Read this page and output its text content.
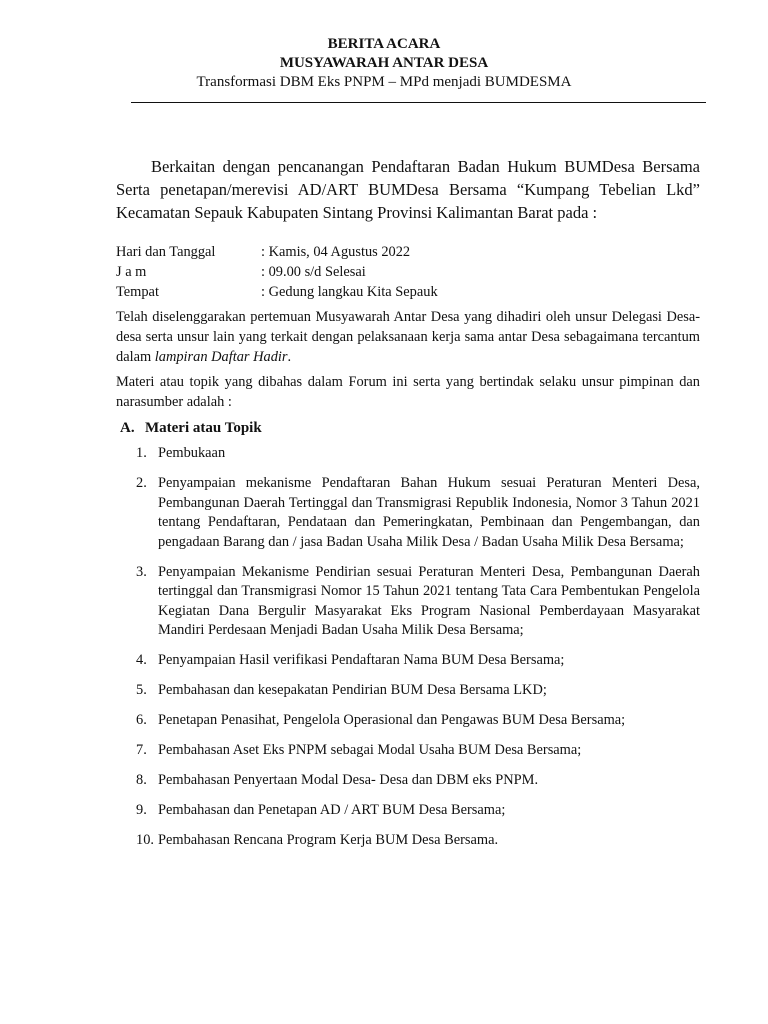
BERITA ACARA
MUSYAWARAH ANTAR DESA
Transformasi DBM Eks PNPM – MPd menjadi BUMDESMA

Berkaitan dengan pencanangan Pendaftaran Badan Hukum BUMDesa Bersama Serta penetapan/merevisi AD/ART BUMDesa Bersama “Kumpang Tebelian Lkd” Kecamatan Sepauk Kabupaten Sintang Provinsi Kalimantan Barat pada :

Hari dan Tanggal	: Kamis, 04 Agustus 2022
J a m	: 09.00 s/d Selesai
Tempat	: Gedung langkau Kita Sepauk

Telah diselenggarakan pertemuan Musyawarah Antar Desa yang dihadiri oleh unsur Delegasi Desa-desa serta unsur lain yang terkait dengan pelaksanaan kerja sama antar Desa sebagaimana tercantum dalam lampiran Daftar Hadir.

Materi atau topik yang dibahas dalam Forum ini serta yang bertindak selaku unsur pimpinan dan narasumber adalah :

A. Materi atau Topik
1. Pembukaan
2. Penyampaian mekanisme Pendaftaran Bahan Hukum sesuai Peraturan Menteri Desa, Pembangunan Daerah Tertinggal dan Transmigrasi Republik Indonesia, Nomor 3 Tahun 2021 tentang Pendaftaran, Pendataan dan Pemeringkatan, Pembinaan dan Pengembangan, dan pengadaan Barang dan / jasa Badan Usaha Milik Desa / Badan Usaha Milik Desa Bersama;
3. Penyampaian Mekanisme Pendirian sesuai Peraturan Menteri Desa, Pembangunan Daerah tertinggal dan Transmigrasi Nomor 15 Tahun 2021 tentang Tata Cara Pembentukan Pengelola Kegiatan Dana Bergulir Masyarakat Eks Program Nasional Pemberdayaan Masyarakat Mandiri Perdesaan Menjadi Badan Usaha Milik Desa Bersama;
4. Penyampaian Hasil verifikasi Pendaftaran Nama BUM Desa Bersama;
5. Pembahasan dan kesepakatan Pendirian BUM Desa Bersama LKD;
6. Penetapan Penasihat, Pengelola Operasional dan Pengawas BUM Desa Bersama;
7. Pembahasan Aset Eks PNPM sebagai Modal Usaha BUM Desa Bersama;
8. Pembahasan Penyertaan Modal Desa- Desa dan DBM eks PNPM.
9. Pembahasan dan Penetapan AD / ART BUM Desa Bersama;
10. Pembahasan Rencana Program Kerja BUM Desa Bersama.
